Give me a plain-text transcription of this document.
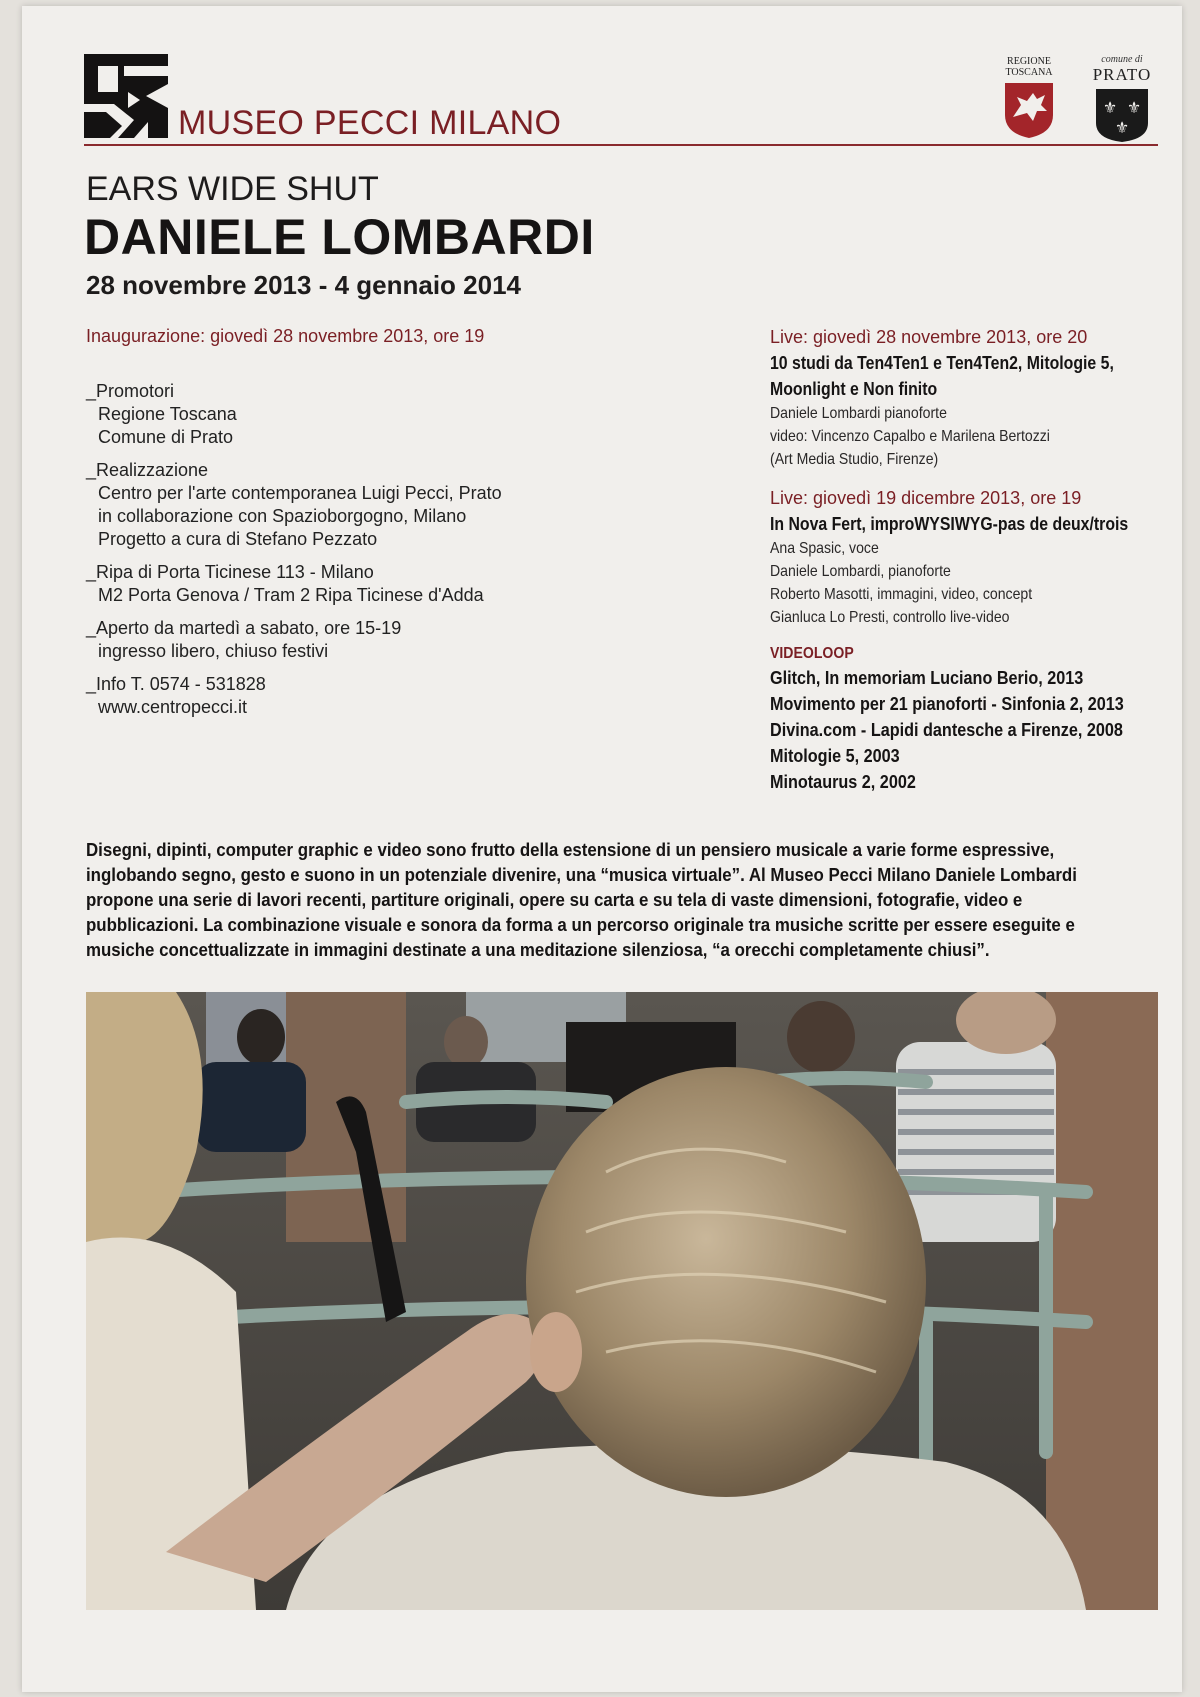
MUSEO PECCI MILANO
REGIONE
TOSCANA
comune di
PRATO
⚜ ⚜
⚜
EARS WIDE SHUT
DANIELE LOMBARDI
28 novembre 2013 - 4 gennaio 2014
Inaugurazione: giovedì 28 novembre 2013, ore 19
_Promotori
Regione Toscana
Comune di Prato
_Realizzazione
Centro per l'arte contemporanea Luigi Pecci, Prato
in collaborazione con Spazioborgogno, Milano
Progetto a cura di Stefano Pezzato
_Ripa di Porta Ticinese 113 - Milano
M2 Porta Genova / Tram 2 Ripa Ticinese d'Adda
_Aperto da martedì a sabato, ore 15-19
ingresso libero, chiuso festivi
_Info T. 0574 - 531828
www.centropecci.it
Live: giovedì 28 novembre 2013, ore 20
10 studi da Ten4Ten1 e Ten4Ten2, Mitologie 5,
Moonlight e Non finito
Daniele Lombardi pianoforte
video: Vincenzo Capalbo e Marilena Bertozzi
(Art Media Studio, Firenze)
Live: giovedì 19 dicembre 2013, ore 19
In Nova Fert, improWYSIWYG-pas de deux/trois
Ana Spasic, voce
Daniele Lombardi, pianoforte
Roberto Masotti, immagini, video, concept
Gianluca Lo Presti, controllo live-video
VIDEOLOOP
Glitch, In memoriam Luciano Berio, 2013
Movimento per 21 pianoforti - Sinfonia 2, 2013
Divina.com - Lapidi dantesche a Firenze, 2008
Mitologie 5, 2003
Minotaurus 2, 2002
Disegni, dipinti, computer graphic e video sono frutto della estensione di un pensiero musicale a varie forme espressive, inglobando segno, gesto e suono in un potenziale divenire, una “musica virtuale”. Al Museo Pecci Milano Daniele Lombardi propone una serie di lavori recenti, partiture originali, opere su carta e su tela di vaste dimensioni, fotografie, video e pubblicazioni. La combinazione visuale e sonora da forma a un percorso originale tra musiche scritte per essere eseguite e musiche concettualizzate in immagini destinate a una meditazione silenziosa, “a orecchi completamente chiusi”.
